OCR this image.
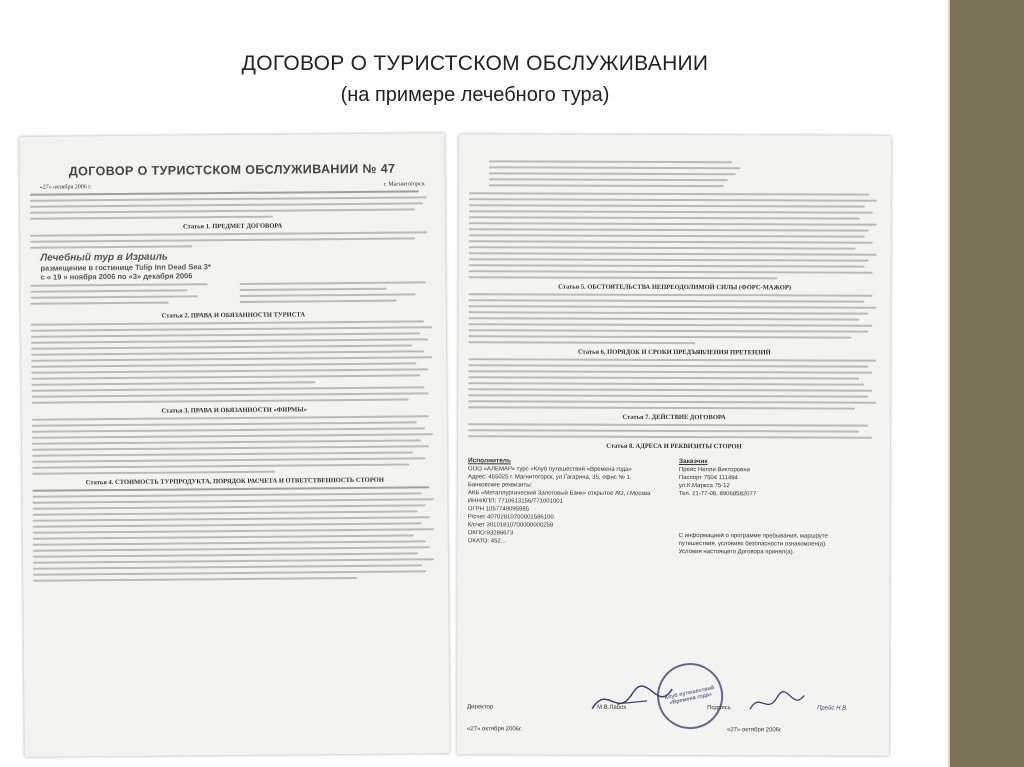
ДОГОВОР О ТУРИСТСКОМ ОБСЛУЖИВАНИИ
(на примере лечебного тура)
ДОГОВОР О ТУРИСТСКОМ ОБСЛУЖИВАНИИ № 47
«27» октября 2006 г.	г. Магнитогорск
Статья 1. ПРЕДМЕТ ДОГОВОРА
Лечебный тур в Израиль
размещение в гостинице Tulip Inn Dead Sea 3*
с « 19 » ноября 2006 по «3» декабря 2006
Статья 2. ПРАВА И ОБЯЗАННОСТИ ТУРИСТА
Статья 3. ПРАВА И ОБЯЗАННОСТИ «ФИРМЫ»
Статья 4. СТОИМОСТЬ ТУРПРОДУКТА, ПОРЯДОК РАСЧЕТА И ОТВЕТСТВЕННОСТЬ СТОРОН
Статья 5. ОБСТОЯТЕЛЬСТВА НЕПРЕОДОЛИМОЙ СИЛЫ (ФОРС-МАЖОР)
Статья 6. ПОРЯДОК И СРОКИ ПРЕДЪЯВЛЕНИЯ ПРЕТЕНЗИЙ
Статья 7. ДЕЙСТВИЕ ДОГОВОРА
Статья 8. АДРЕСА И РЕКВИЗИТЫ СТОРОН
Исполнитель
ООО «АЛЕМАР» турс «Клуб путешествий «Времена года»
Адрес: 455025 г. Магнитогорск, ул.Гагарина, 35, офис № 1.
Банковские реквизиты:
АКБ «Металлургический Залоговый Банк» открытое АО, г.Москва
ИНН/КПП: 7710613156/771001001
ОГРН 1057749095985
Р/счет 40702810700001586100
К/счет 30101810700000000259
ОКПО:93286673
ОКАТО: 452...
Заказчик
Прейс Нелли Викторовна
Паспорт 7504 111494
ул.К.Маркса 75-12
Тел. 21-77-08, 89068582077
С информацией о программе пребывания, маршруте
путешествия, условиях безопасности ознакомлен(а).
Условия настоящего Договора принял(а).
Директор	М.В.Лабох
Клуб путешествий «Времена года»
«27» октября 2006г.
Подпись	Прейс Н.В.
«27» октября 2006г.
